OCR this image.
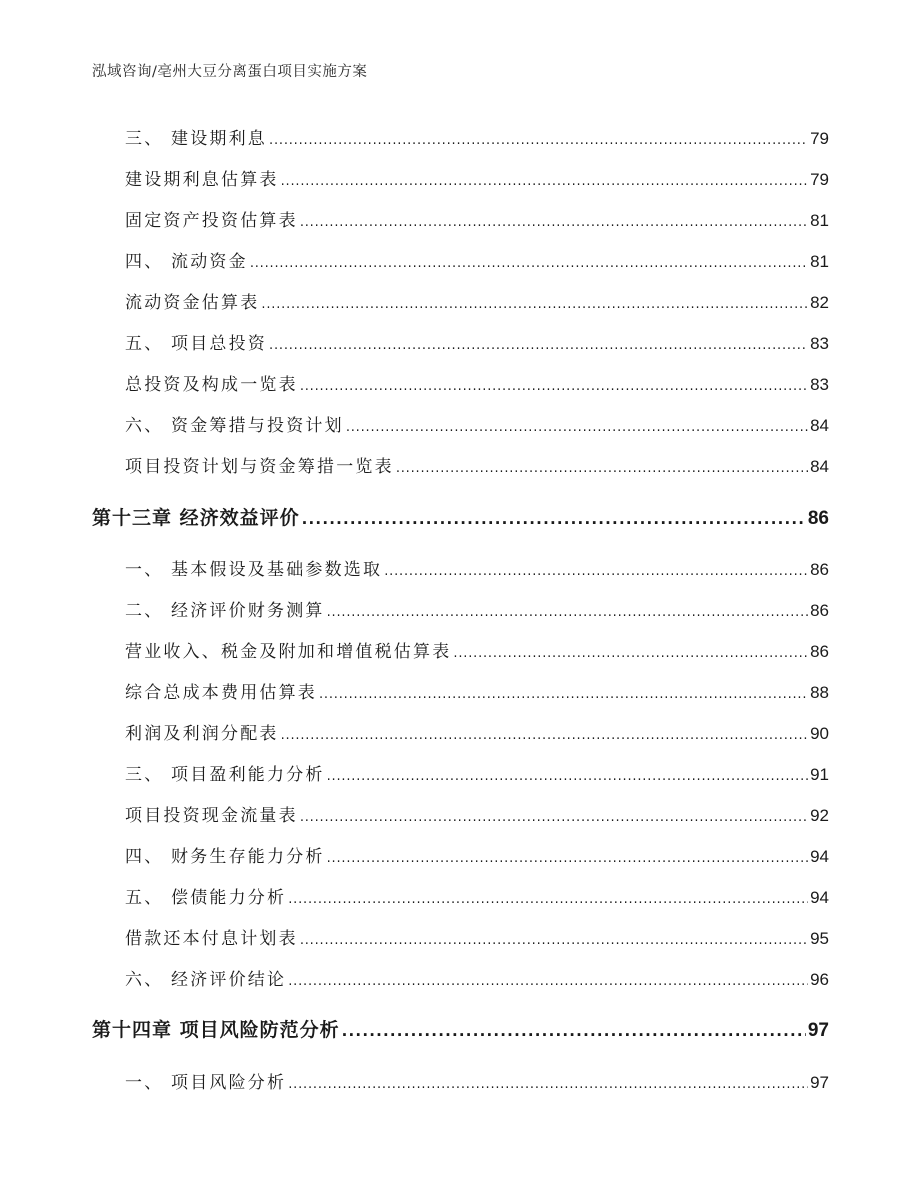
泓域咨询/亳州大豆分离蛋白项目实施方案
三、 建设期利息 .....	79
建设期利息估算表 .....	79
固定资产投资估算表 .....	81
四、 流动资金 .....	81
流动资金估算表 .....	82
五、 项目总投资 .....	83
总投资及构成一览表 .....	83
六、 资金筹措与投资计划 .....	84
项目投资计划与资金筹措一览表 .....	84
第十三章 经济效益评价 .....	86
一、 基本假设及基础参数选取 .....	86
二、 经济评价财务测算 .....	86
营业收入、税金及附加和增值税估算表 .....	86
综合总成本费用估算表 .....	88
利润及利润分配表 .....	90
三、 项目盈利能力分析 .....	91
项目投资现金流量表 .....	92
四、 财务生存能力分析 .....	94
五、 偿债能力分析 .....	94
借款还本付息计划表 .....	95
六、 经济评价结论 .....	96
第十四章 项目风险防范分析 .....	97
一、 项目风险分析 .....	97
